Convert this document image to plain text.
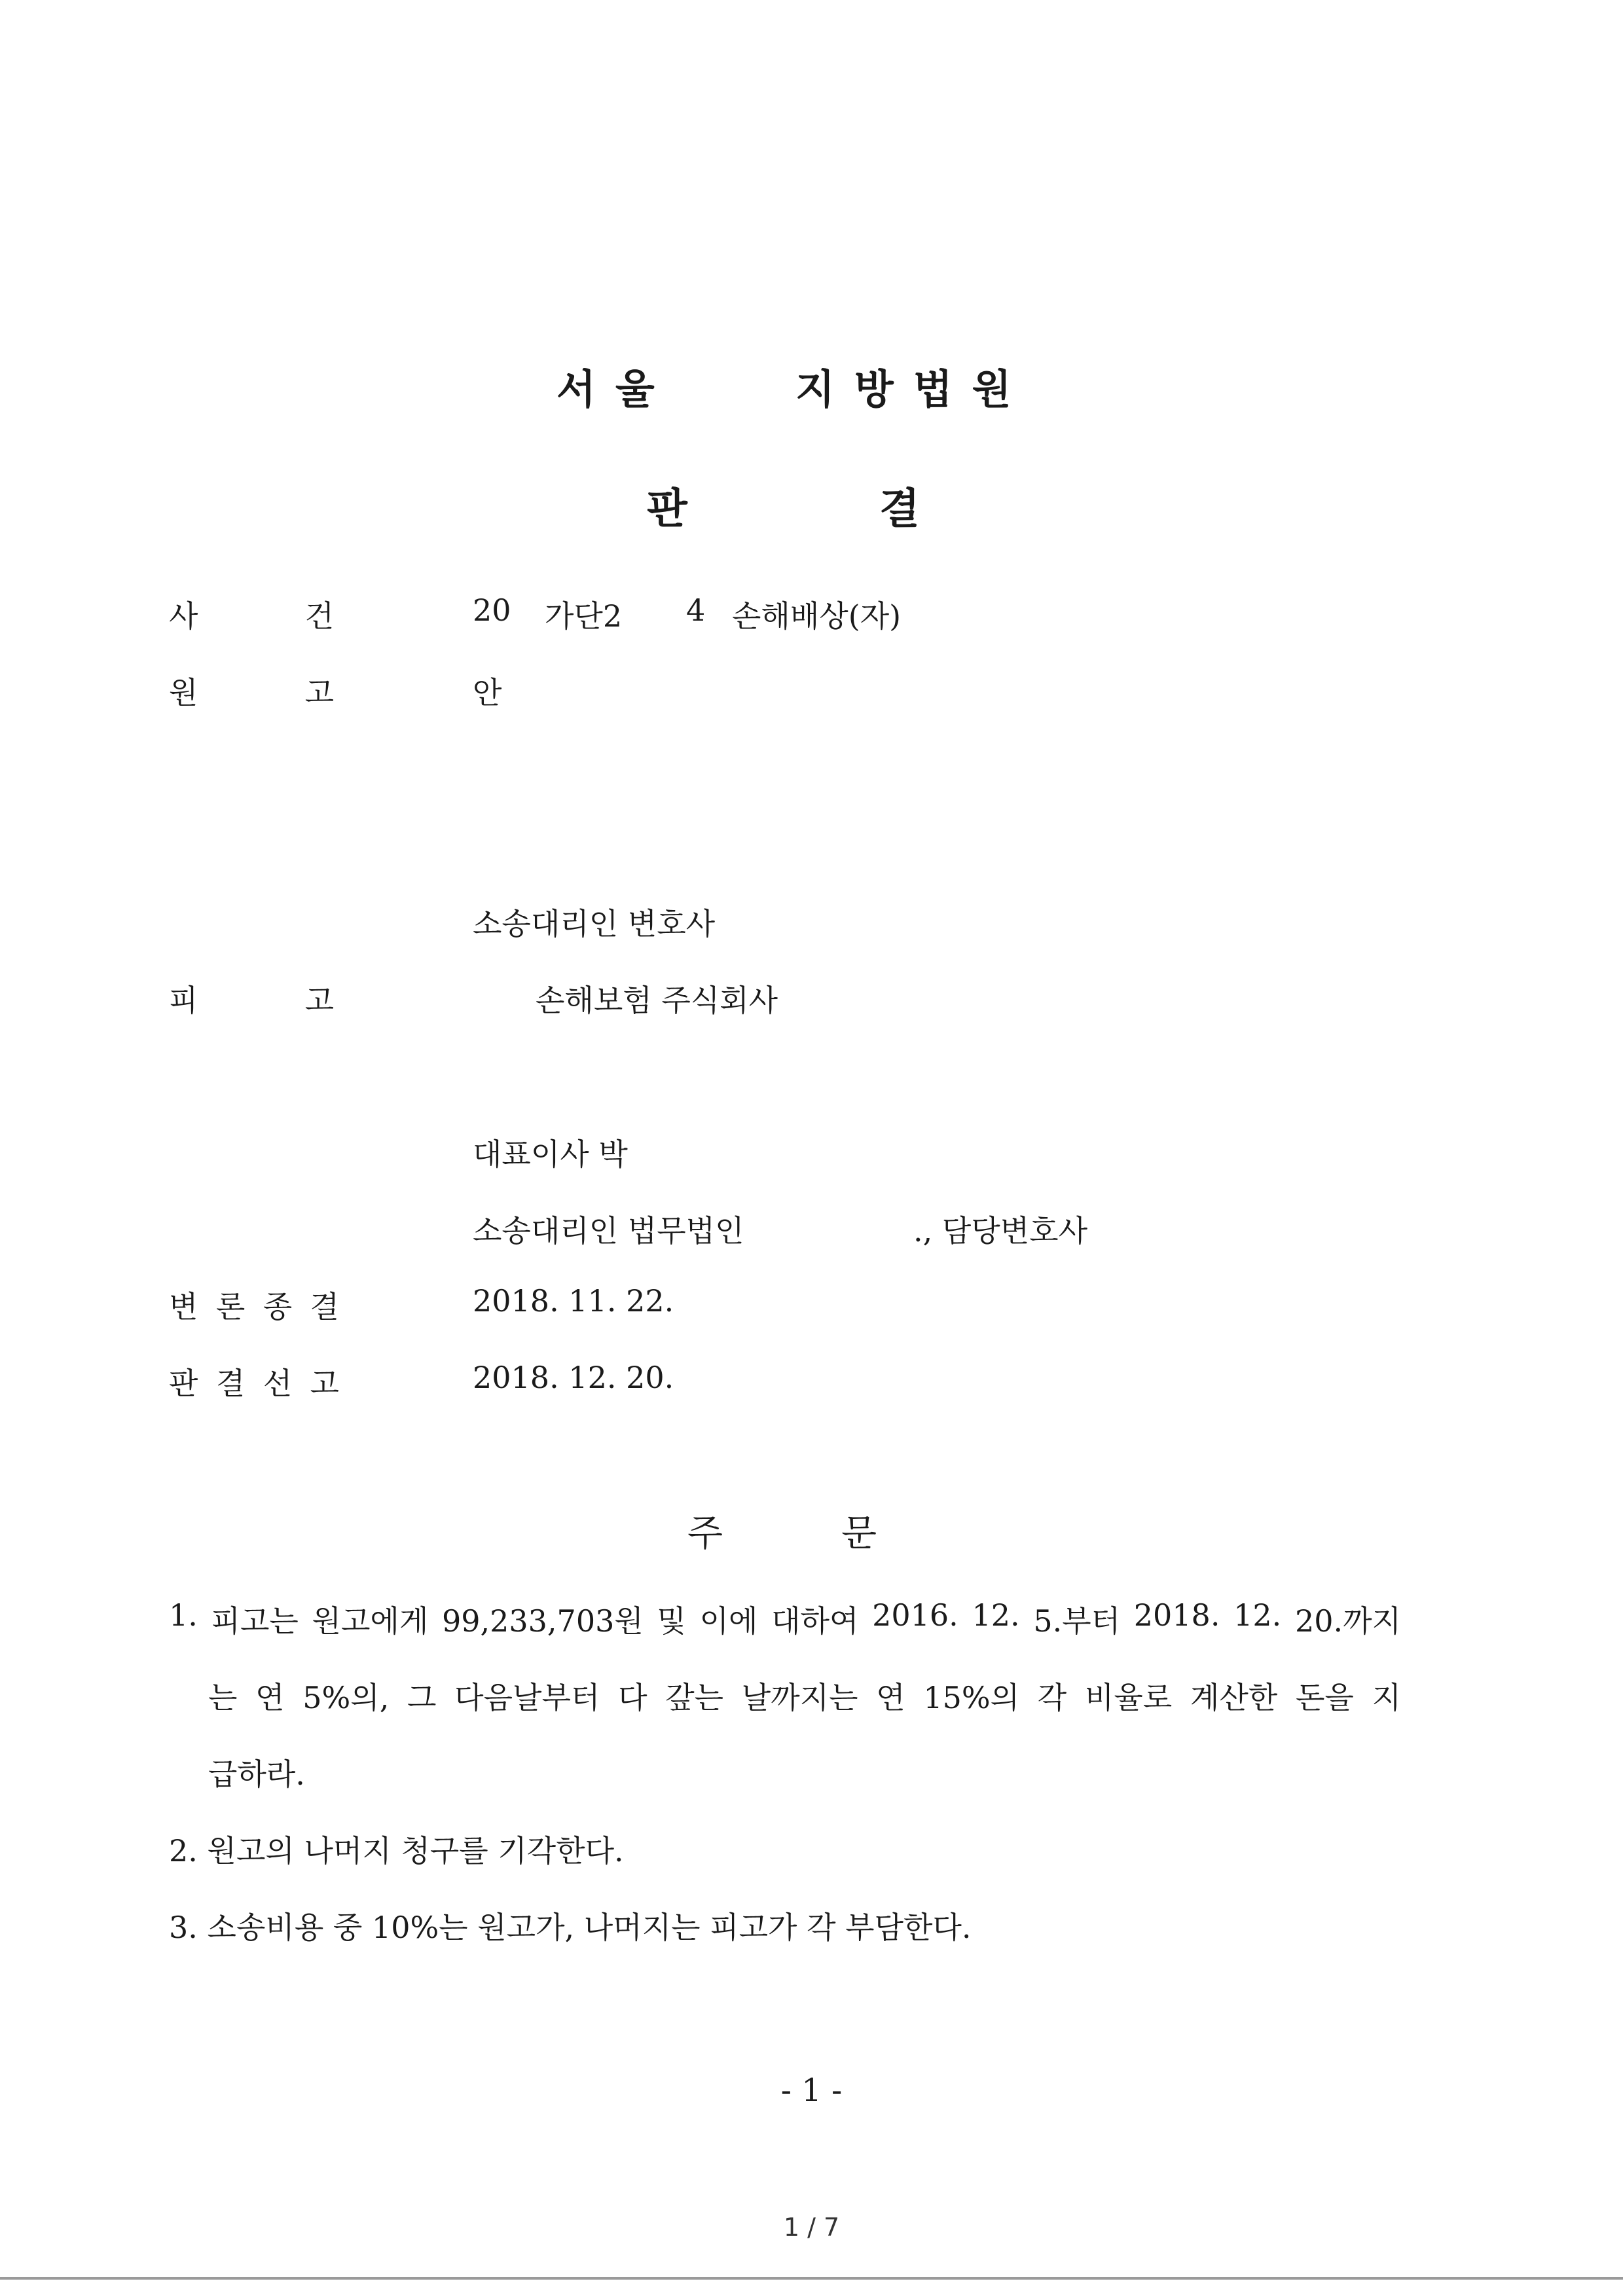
서울	지방법원
판	결
사	건	20 가단2 4 손해배상(자)
원	고	안
소송대리인 변호사
피	고	손해보험 주식회사
대표이사 박
소송대리인 법무법인	., 담당변호사
변 론 종 결	2018. 11. 22.
판 결 선 고	2018. 12. 20.
주	문
1. 피고는 원고에게 99,233,703원 및 이에 대하여 2016. 12. 5.부터 2018. 12. 20.까지
는 연 5%의, 그 다음날부터 다 갚는 날까지는 연 15%의 각 비율로 계산한 돈을 지
급하라.
2. 원고의 나머지 청구를 기각한다.
3. 소송비용 중 10%는 원고가, 나머지는 피고가 각 부담한다.
- 1 -
1 / 7
